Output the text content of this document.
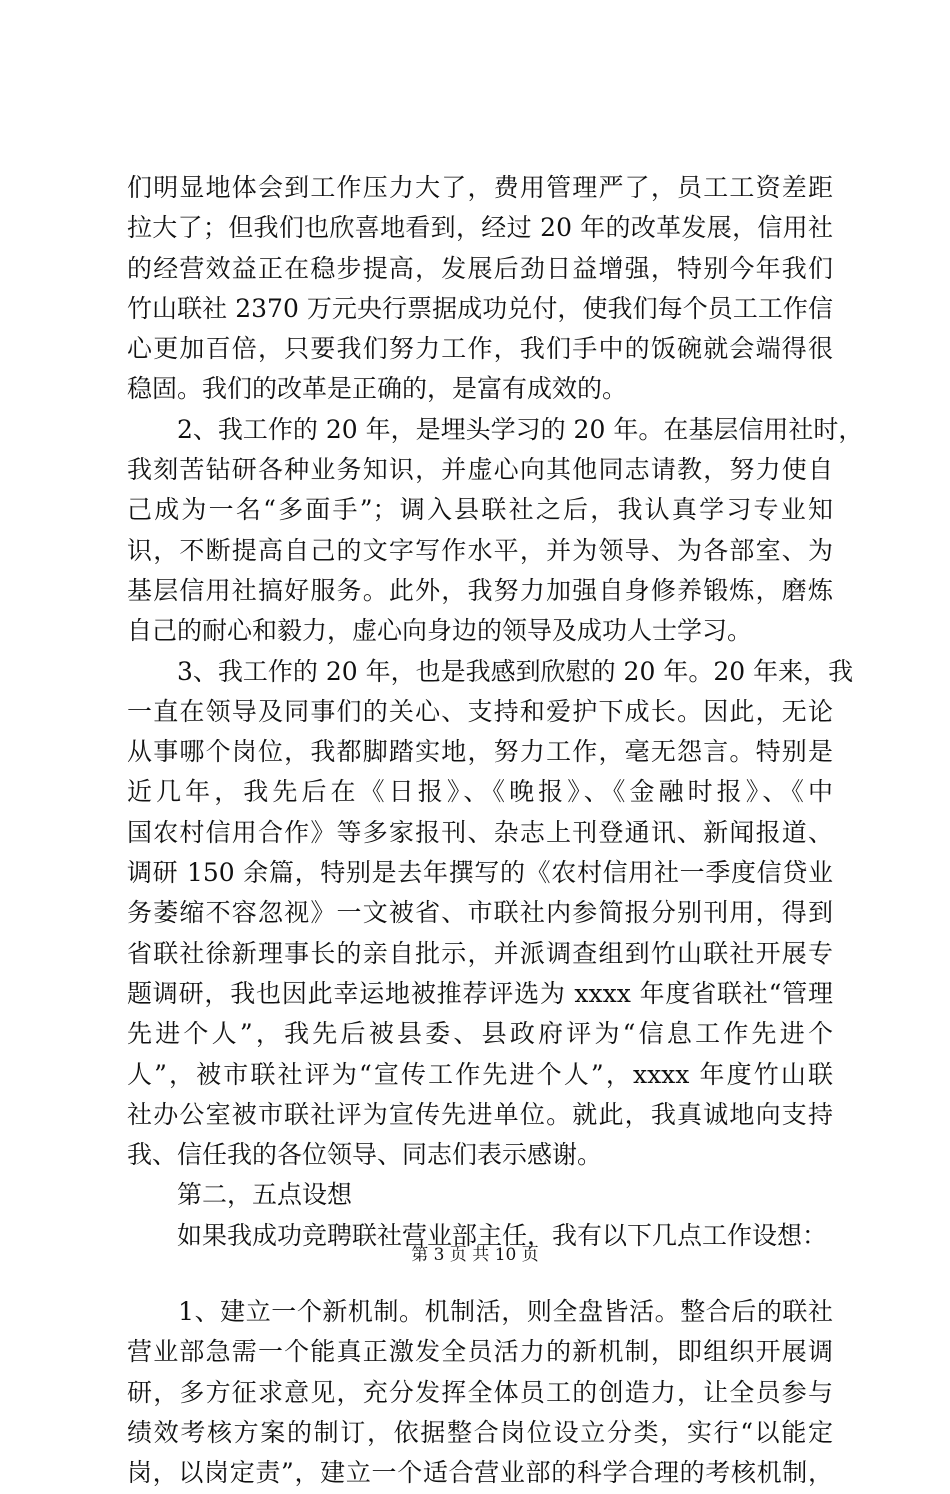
们明显地体会到工作压力大了，费用管理严了，员工工资差距
拉大了；但我们也欣喜地看到，经过 20 年的改革发展，信用社
的经营效益正在稳步提高，发展后劲日益增强，特别今年我们
竹山联社 2370 万元央行票据成功兑付，使我们每个员工工作信
心更加百倍，只要我们努力工作，我们手中的饭碗就会端得很
稳固。我们的改革是正确的，是富有成效的。
　　2、我工作的 20 年，是埋头学习的 20 年。在基层信用社时，
我刻苦钻研各种业务知识，并虚心向其他同志请教，努力使自
己成为一名“多面手”；调入县联社之后，我认真学习专业知
识，不断提高自己的文字写作水平，并为领导、为各部室、为
基层信用社搞好服务。此外，我努力加强自身修养锻炼，磨炼
自己的耐心和毅力，虚心向身边的领导及成功人士学习。
　　3、我工作的 20 年，也是我感到欣慰的 20 年。20 年来，我
一直在领导及同事们的关心、支持和爱护下成长。因此，无论
从事哪个岗位，我都脚踏实地，努力工作，毫无怨言。特别是
近几年，我先后在《日报》、《晚报》、《金融时报》、《中
国农村信用合作》等多家报刊、杂志上刊登通讯、新闻报道、
调研 150 余篇，特别是去年撰写的《农村信用社一季度信贷业
务萎缩不容忽视》一文被省、市联社内参简报分别刊用，得到
省联社徐新理事长的亲自批示，并派调查组到竹山联社开展专
题调研，我也因此幸运地被推荐评选为 xxxx 年度省联社“管理
先进个人”，我先后被县委、县政府评为“信息工作先进个
人”，被市联社评为“宣传工作先进个人”，xxxx 年度竹山联
社办公室被市联社评为宣传先进单位。就此，我真诚地向支持
我、信任我的各位领导、同志们表示感谢。
　　第二，五点设想
　　如果我成功竞聘联社营业部主任，我有以下几点工作设想：
　　1、建立一个新机制。机制活，则全盘皆活。整合后的联社
营业部急需一个能真正激发全员活力的新机制，即组织开展调
研，多方征求意见，充分发挥全体员工的创造力，让全员参与
绩效考核方案的制订，依据整合岗位设立分类，实行“以能定
岗，以岗定责”，建立一个适合营业部的科学合理的考核机制，
第 3 页 共 10 页
